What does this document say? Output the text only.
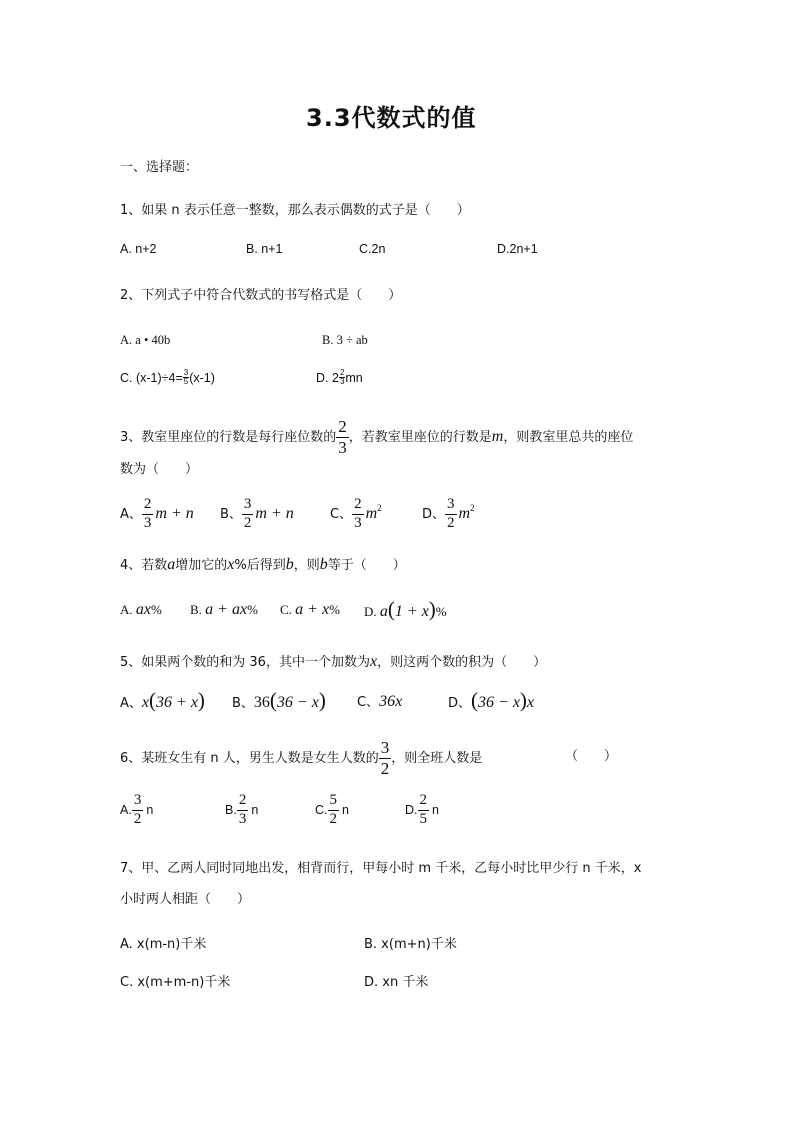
3.3代数式的值
一、选择题：
1、如果 n 表示任意一整数，那么表示偶数的式子是（　　）
A. n+2	B. n+1	C.2n	D.2n+1
2、下列式子中符合代数式的书写格式是（　　）
A. a • 40b	B. 3 ÷ ab
C. $(x-1)\div 4= \frac{3}{5} (x-1)$	D. $2 \frac{2}{3}$ mn
3、教室里座位的行数是每行座位数的 $\frac{2}{3}$ ，若教室里座位的行数是m，则教室里总共的座位
数为（　　）
A、 $\frac{2}{3}$ m + n B、 $\frac{3}{2}$ m + n	C、 $\frac{2}{3} m^2$	D、 $\frac{3}{2} m^2$
4、若数a增加它的x%后得到b，则b等于（　　）
A. ax% B. a + ax% C. a + x% D. a(1 + x)%
5、如果两个数的和为 36，其中一个加数为x，则这两个数的积为（　　）
A、x(36 + x) B、36(36 − x) C、36x	D、(36 − x)x
6、某班女生有 n 人，男生人数是女生人数的 $\frac{3}{2}$ ，则全班人数是	（　　）
A. $\frac{3}{2}$ n	B. $\frac{2}{3}$ n	C. $\frac{5}{2}$ n	D. $\frac{2}{5}$ n
7、甲、乙两人同时同地出发，相背而行，甲每小时 m 千米，乙每小时比甲少行 n 千米，x
小时两人相距（　　）
A. x(m-n)千米	B. x(m+n)千米
C. x(m+m-n)千米	D. xn 千米
